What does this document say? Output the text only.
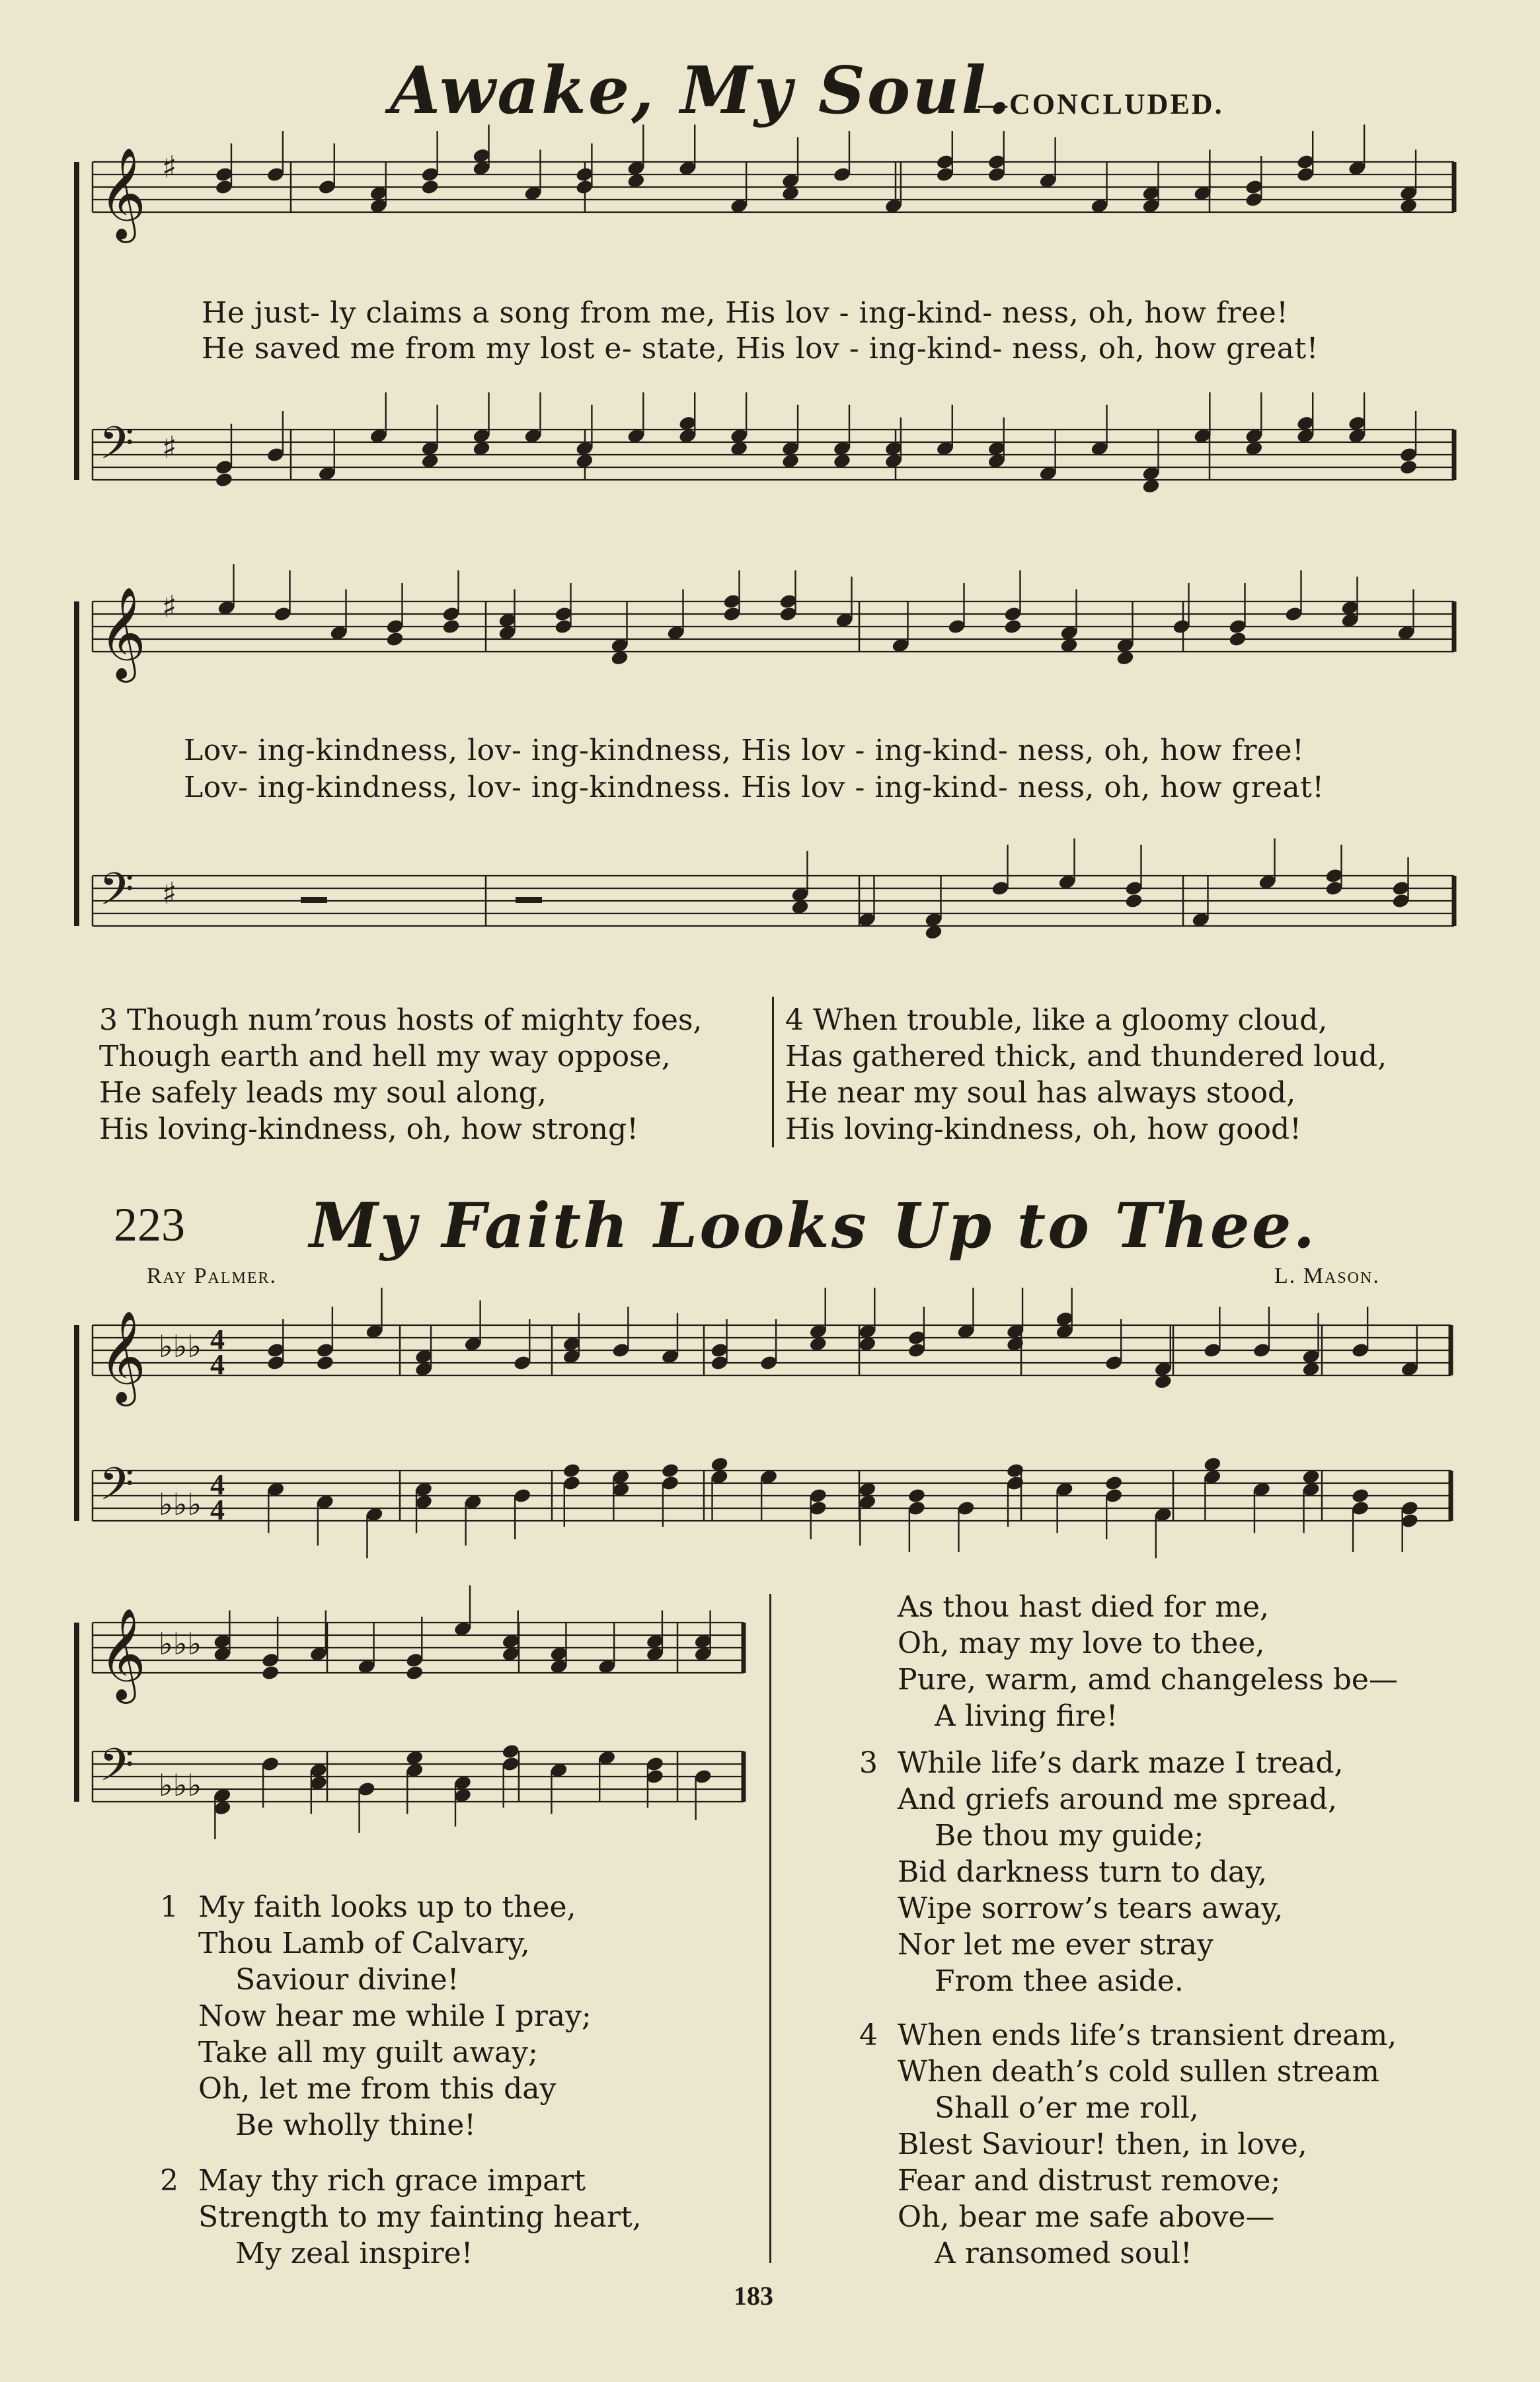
𝄞
𝄢
♯
♯
𝄞
𝄢
♯
♯
𝄞
𝄢
♭♭♭
♭♭♭
4
4
4
4
𝄞
𝄢
♭♭♭
♭♭♭
Awake, My Soul.
—CONCLUDED.
He just- ly claims a song from me, His lov - ing-kind- ness, oh, how free!
He saved me from my lost e- state, His lov - ing-kind- ness, oh, how great!
Lov- ing-kindness, lov- ing-kindness, His lov - ing-kind- ness, oh, how free!
Lov- ing-kindness, lov- ing-kindness. His lov - ing-kind- ness, oh, how great!
3 Though num’rous hosts of mighty foes,
Though earth and hell my way oppose,
He safely leads my soul along,
His loving-kindness, oh, how strong!
4 When trouble, like a gloomy cloud,
Has gathered thick, and thundered loud,
He near my soul has always stood,
His loving-kindness, oh, how good!
223 My Faith Looks Up to Thee.
Ray Palmer.	L. Mason.
1 My faith looks up to thee,
Thou Lamb of Calvary,
Saviour divine!
Now hear me while I pray;
Take all my guilt away;
Oh, let me from this day
Be wholly thine!
2 May thy rich grace impart
Strength to my fainting heart,
My zeal inspire!
As thou hast died for me,
Oh, may my love to thee,
Pure, warm, amd changeless be—
A living fire!
3 While life’s dark maze I tread,
And griefs around me spread,
Be thou my guide;
Bid darkness turn to day,
Wipe sorrow’s tears away,
Nor let me ever stray
From thee aside.
4 When ends life’s transient dream,
When death’s cold sullen stream
Shall o’er me roll,
Blest Saviour! then, in love,
Fear and distrust remove;
Oh, bear me safe above—
A ransomed soul!
183
